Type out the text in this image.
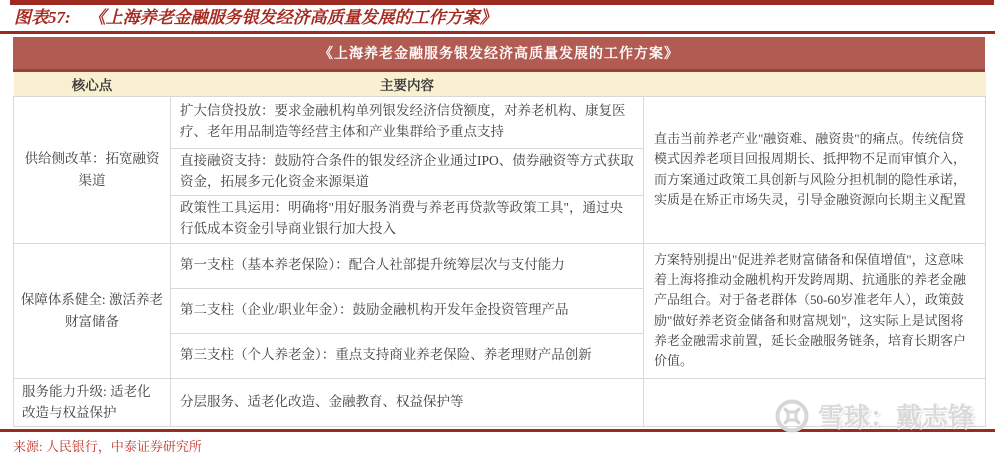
图表57: 《上海养老金融服务银发经济高质量发展的工作方案》
《上海养老金融服务银发经济高质量发展的工作方案》
核心点	主要内容	
供给侧改革：拓宽融资渠道	扩大信贷投放：要求金融机构单列银发经济信贷额度，对养老机构、康复医疗、老年用品制造等经营主体和产业集群给予重点支持	直击当前养老产业"融资难、融资贵"的痛点。传统信贷模式因养老项目回报周期长、抵押物不足而审慎介入，而方案通过政策工具创新与风险分担机制的隐性承诺，实质是在矫正市场失灵，引导金融资源向长期主义配置
	直接融资支持：鼓励符合条件的银发经济企业通过IPO、债券融资等方式获取资金，拓展多元化资金来源渠道	
	政策性工具运用：明确将"用好服务消费与养老再贷款等政策工具"，通过央行低成本资金引导商业银行加大投入	
保障体系健全: 激活养老财富储备	第一支柱（基本养老保险）：配合人社部提升统筹层次与支付能力	方案特别提出"促进养老财富储备和保值增值"，这意味着上海将推动金融机构开发跨周期、抗通胀的养老金融产品组合。对于备老群体（50-60岁准老年人），政策鼓励"做好养老资金储备和财富规划"，这实际上是试图将养老金融需求前置，延长金融服务链条，培育长期客户价值。
	第二支柱（企业/职业年金）：鼓励金融机构开发年金投资管理产品	
	第三支柱（个人养老金）：重点支持商业养老保险、养老理财产品创新	
服务能力升级: 适老化改造与权益保护	分层服务、适老化改造、金融教育、权益保护等	
来源: 人民银行，中泰证券研究所
雪球：戴志锋
